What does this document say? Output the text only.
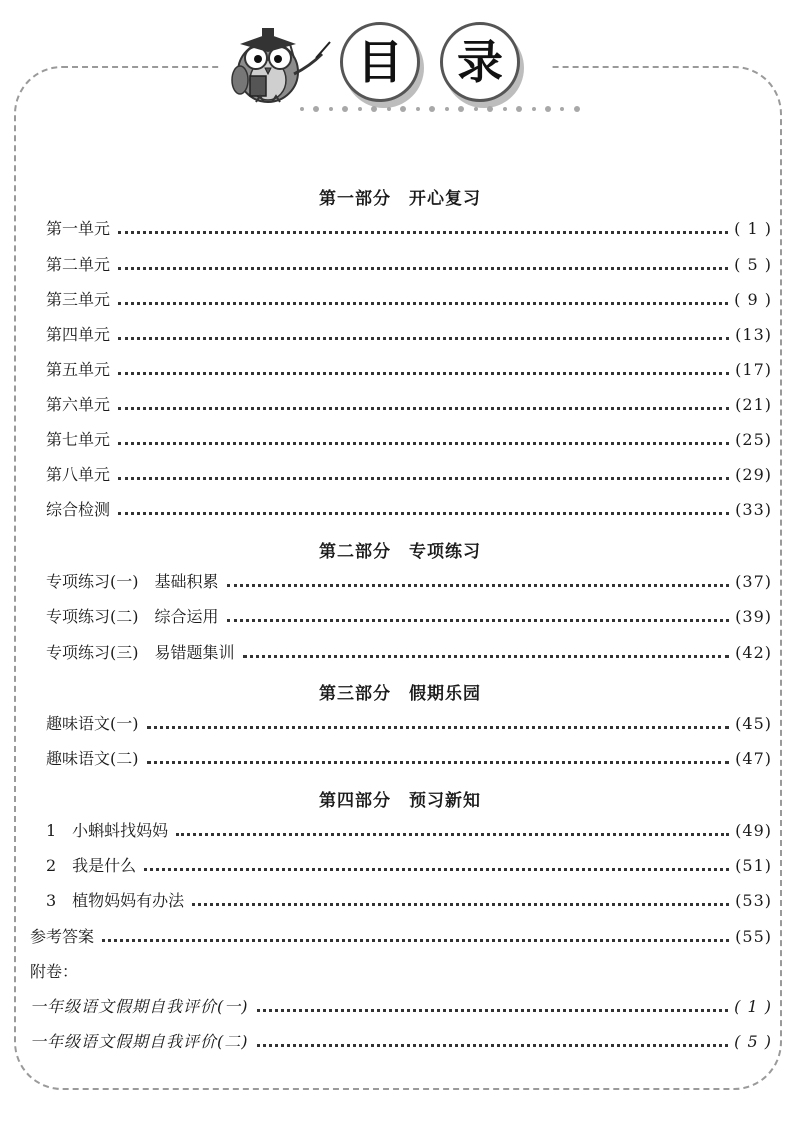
目	录
第一部分　开心复习
第一单元	( 1 )
第二单元	( 5 )
第三单元	( 9 )
第四单元	(13)
第五单元	(17)
第六单元	(21)
第七单元	(25)
第八单元	(29)
综合检测	(33)
第二部分　专项练习
专项练习(一)　基础积累	(37)
专项练习(二)　综合运用	(39)
专项练习(三)　易错题集训	(42)
第三部分　假期乐园
趣味语文(一)	(45)
趣味语文(二)	(47)
第四部分　预习新知
1　小蝌蚪找妈妈	(49)
2　我是什么	(51)
3　植物妈妈有办法	(53)
参考答案	(55)
附卷：
一年级语文假期自我评价(一)	( 1 )
一年级语文假期自我评价(二)	( 5 )
